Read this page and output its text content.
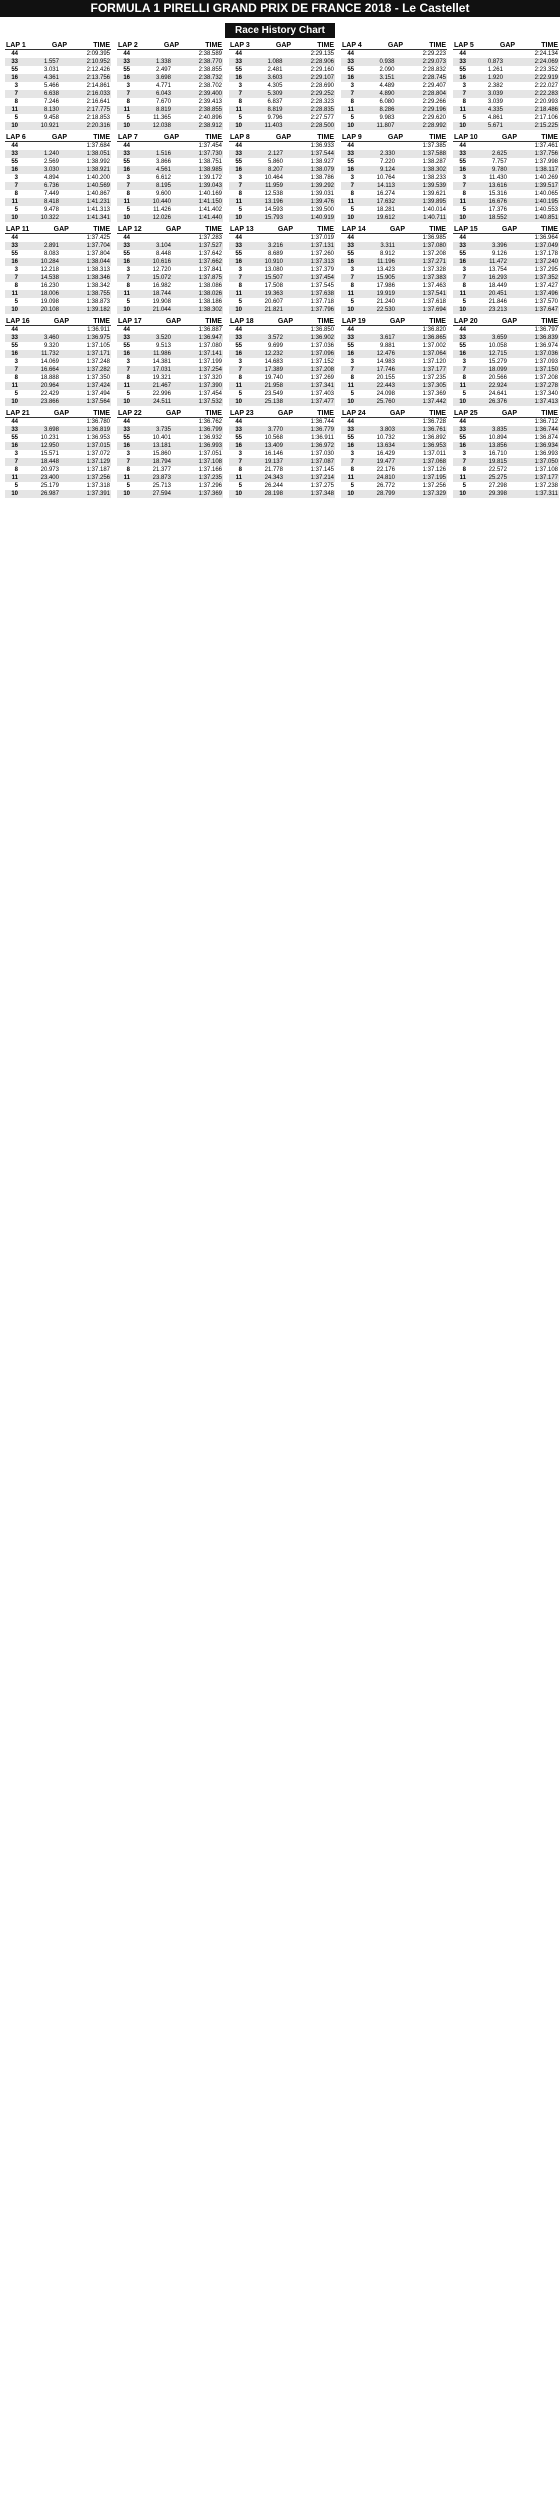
FORMULA 1 PIRELLI GRAND PRIX DE FRANCE 2018 - Le Castellet
Race History Chart
LAP 1	GAP	TIME
44		2:09.395
33	1.557	2:10.952
55	3.031	2:12.426
16	4.361	2:13.756
3	5.466	2:14.861
7	6.638	2:16.033
8	7.246	2:16.641
11	8.130	2:17.775
5	9.458	2:18.853
10	10.921	2:20.316
LAP 2	GAP	TIME
44		2:38.589
33	1.338	2:38.770
55	2.497	2:38.855
16	3.698	2:38.732
3	4.771	2:38.702
7	6.043	2:39.400
8	7.670	2:39.413
11	8.819	2:38.855
5	11.365	2:40.896
10	12.038	2:38.912
LAP 3	GAP	TIME
44		2:29.135
33	1.088	2:28.906
55	2.481	2:29.160
16	3.603	2:29.107
3	4.305	2:28.690
7	5.309	2:29.252
8	6.837	2:28.323
11	8.819	2:28.835
5	9.796	2:27.577
10	11.403	2:28.500
LAP 4	GAP	TIME
44		2:29.223
33	0.938	2:29.073
55	2.090	2:28.832
16	3.151	2:28.745
3	4.489	2:29.407
7	4.890	2:28.804
8	6.080	2:29.266
11	8.286	2:29.196
5	9.983	2:29.620
10	11.807	2:28.992
LAP 5	GAP	TIME
44		2:24.134
33	0.873	2:24.069
55	1.261	2:23.352
16	1.920	2:22.919
3	2.382	2:22.027
7	3.039	2:22.283
8	3.039	2:20.993
11	4.335	2:18.486
5	4.861	2:17.106
10	5.671	2:15.225
LAP 6	GAP	TIME
44		1:37.684
33	1.240	1:38.051
55	2.569	1:38.992
16	3.030	1:38.921
3	4.894	1:40.200
7	6.736	1:40.569
8	7.449	1:40.867
11	8.418	1:41.231
5	9.478	1:41.313
10	10.322	1:41.341
LAP 7	GAP	TIME
44		1:37.454
33	1.516	1:37.730
55	3.866	1:38.751
16	4.561	1:38.985
3	6.612	1:39.172
7	8.195	1:39.043
8	9.600	1:40.169
11	10.440	1:41.150
5	11.426	1:41.402
10	12.026	1:41.440
LAP 8	GAP	TIME
44		1:36.933
33	2.127	1:37.544
55	5.860	1:38.927
16	8.207	1:38.079
3	10.464	1:38.786
7	11.959	1:39.292
8	12.538	1:39.031
11	13.196	1:39.476
5	14.593	1:39.500
10	15.793	1:40.919
LAP 9	GAP	TIME
44		1:37.385
33	2.330	1:37.588
55	7.220	1:38.287
16	9.124	1:38.302
3	10.764	1:38.233
7	14.113	1:39.539
8	16.274	1:39.621
11	17.632	1:39.895
5	18.281	1:40.014
10	19.612	1:40.711
LAP 10	GAP	TIME
44		1:37.461
33	2.625	1:37.756
55	7.757	1:37.998
16	9.780	1:38.117
3	11.430	1:40.269
7	13.616	1:39.517
8	15.316	1:40.065
11	16.676	1:40.195
5	17.376	1:40.553
10	18.552	1:40.851
LAP 11	GAP	TIME
44		1:37.425
33	2.891	1:37.704
55	8.083	1:37.804
16	10.284	1:38.044
3	12.218	1:38.313
7	14.538	1:38.346
8	16.230	1:38.342
11	18.006	1:38.755
5	19.098	1:38.873
10	20.108	1:39.182
LAP 12	GAP	TIME
44		1:37.283
33	3.104	1:37.527
55	8.448	1:37.642
16	10.616	1:37.662
3	12.720	1:37.841
7	15.072	1:37.875
8	16.982	1:38.086
11	18.744	1:38.026
5	19.908	1:38.186
10	21.044	1:38.302
LAP 13	GAP	TIME
44		1:37.019
33	3.216	1:37.131
55	8.689	1:37.260
16	10.910	1:37.313
3	13.080	1:37.379
7	15.507	1:37.454
8	17.508	1:37.545
11	19.363	1:37.638
5	20.607	1:37.718
10	21.821	1:37.796
LAP 14	GAP	TIME
44		1:36.985
33	3.311	1:37.080
55	8.912	1:37.208
16	11.196	1:37.271
3	13.423	1:37.328
7	15.905	1:37.383
8	17.986	1:37.463
11	19.919	1:37.541
5	21.240	1:37.618
10	22.530	1:37.694
LAP 15	GAP	TIME
44		1:36.964
33	3.396	1:37.049
55	9.126	1:37.178
16	11.472	1:37.240
3	13.754	1:37.295
7	16.293	1:37.352
8	18.449	1:37.427
11	20.451	1:37.496
5	21.846	1:37.570
10	23.213	1:37.647
LAP 16	GAP	TIME
44		1:36.911
33	3.460	1:36.975
55	9.320	1:37.105
16	11.732	1:37.171
3	14.069	1:37.248
7	16.664	1:37.282
8	18.888	1:37.350
11	20.964	1:37.424
5	22.429	1:37.494
10	23.866	1:37.564
LAP 17	GAP	TIME
44		1:36.887
33	3.520	1:36.947
55	9.513	1:37.080
16	11.986	1:37.141
3	14.381	1:37.199
7	17.031	1:37.254
8	19.321	1:37.320
11	21.467	1:37.390
5	22.996	1:37.454
10	24.511	1:37.532
LAP 18	GAP	TIME
44		1:36.850
33	3.572	1:36.902
55	9.699	1:37.036
16	12.232	1:37.096
3	14.683	1:37.152
7	17.389	1:37.208
8	19.740	1:37.269
11	21.958	1:37.341
5	23.549	1:37.403
10	25.138	1:37.477
LAP 19	GAP	TIME
44		1:36.820
33	3.617	1:36.865
55	9.881	1:37.002
16	12.476	1:37.064
3	14.983	1:37.120
7	17.746	1:37.177
8	20.155	1:37.235
11	22.443	1:37.305
5	24.098	1:37.369
10	25.760	1:37.442
LAP 20	GAP	TIME
44		1:36.797
33	3.659	1:36.839
55	10.058	1:36.974
16	12.715	1:37.036
3	15.279	1:37.093
7	18.099	1:37.150
8	20.566	1:37.208
11	22.924	1:37.278
5	24.641	1:37.340
10	26.376	1:37.413
LAP 21	GAP	TIME
44		1:36.780
33	3.698	1:36.819
55	10.231	1:36.953
16	12.950	1:37.015
3	15.571	1:37.072
7	18.448	1:37.129
8	20.973	1:37.187
11	23.400	1:37.256
5	25.179	1:37.318
10	26.987	1:37.391
LAP 22	GAP	TIME
44		1:36.762
33	3.735	1:36.799
55	10.401	1:36.932
16	13.181	1:36.993
3	15.860	1:37.051
7	18.794	1:37.108
8	21.377	1:37.166
11	23.873	1:37.235
5	25.713	1:37.296
10	27.594	1:37.369
LAP 23	GAP	TIME
44		1:36.744
33	3.770	1:36.779
55	10.568	1:36.911
16	13.409	1:36.972
3	16.146	1:37.030
7	19.137	1:37.087
8	21.778	1:37.145
11	24.343	1:37.214
5	26.244	1:37.275
10	28.198	1:37.348
LAP 24	GAP	TIME
44		1:36.728
33	3.803	1:36.761
55	10.732	1:36.892
16	13.634	1:36.953
3	16.429	1:37.011
7	19.477	1:37.068
8	22.176	1:37.126
11	24.810	1:37.195
5	26.772	1:37.256
10	28.799	1:37.329
LAP 25	GAP	TIME
44		1:36.712
33	3.835	1:36.744
55	10.894	1:36.874
16	13.856	1:36.934
3	16.710	1:36.993
7	19.815	1:37.050
8	22.572	1:37.108
11	25.275	1:37.177
5	27.298	1:37.238
10	29.398	1:37.311
